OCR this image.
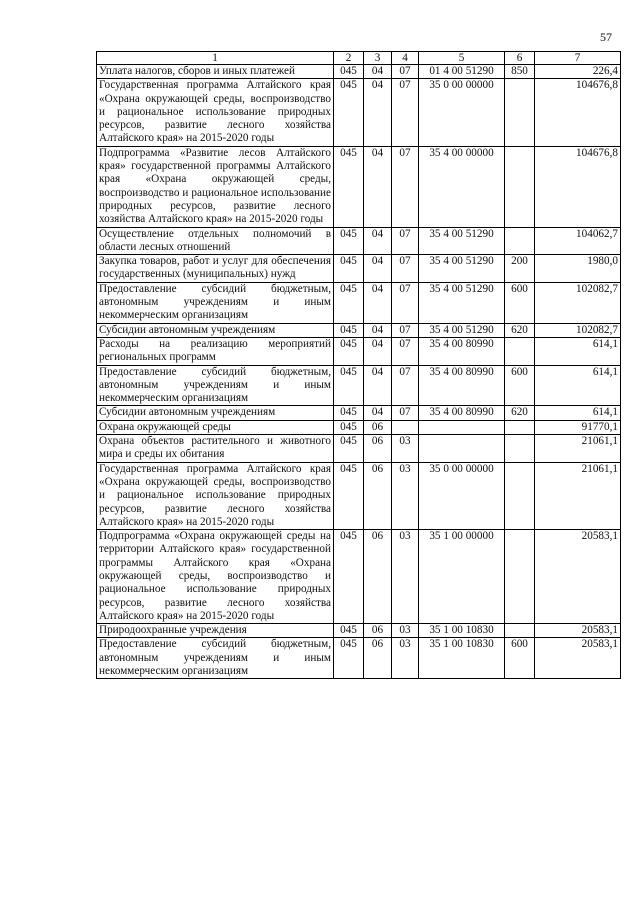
57
1	2	3	4	5	6	7
Уплата налогов, сборов и иных платежей	045	04	07	01 4 00 51290	850	226,4
Государственная программа Алтайского края «Охрана окружающей среды, воспроизводство и рациональное использование природных ресурсов, развитие лесного хозяйства Алтайского края» на 2015-2020 годы	045	04	07	35 0 00 00000		104676,8
Подпрограмма «Развитие лесов Алтайского края» государственной программы Алтайского края «Охрана окружающей среды, воспроизводство и рациональное использование природных ресурсов, развитие лесного хозяйства Алтайского края» на 2015-2020 годы	045	04	07	35 4 00 00000		104676,8
Осуществление отдельных полномочий в области лесных отношений	045	04	07	35 4 00 51290		104062,7
Закупка товаров, работ и услуг для обеспечения государственных (муниципальных) нужд	045	04	07	35 4 00 51290	200	1980,0
Предоставление субсидий бюджетным, автономным учреждениям и иным некоммерческим организациям	045	04	07	35 4 00 51290	600	102082,7
Субсидии автономным учреждениям	045	04	07	35 4 00 51290	620	102082,7
Расходы на реализацию мероприятий региональных программ	045	04	07	35 4 00 80990		614,1
Предоставление субсидий бюджетным, автономным учреждениям и иным некоммерческим организациям	045	04	07	35 4 00 80990	600	614,1
Субсидии автономным учреждениям	045	04	07	35 4 00 80990	620	614,1
Охрана окружающей среды	045	06				91770,1
Охрана объектов растительного и животного мира и среды их обитания	045	06	03			21061,1
Государственная программа Алтайского края «Охрана окружающей среды, воспроизводство и рациональное использование природных ресурсов, развитие лесного хозяйства Алтайского края» на 2015-2020 годы	045	06	03	35 0 00 00000		21061,1
Подпрограмма «Охрана окружающей среды на территории Алтайского края» государственной программы Алтайского края «Охрана окружающей среды, воспроизводство и рациональное использование природных ресурсов, развитие лесного хозяйства Алтайского края» на 2015-2020 годы	045	06	03	35 1 00 00000		20583,1
Природоохранные учреждения	045	06	03	35 1 00 10830		20583,1
Предоставление субсидий бюджетным, автономным учреждениям и иным некоммерческим организациям	045	06	03	35 1 00 10830	600	20583,1
